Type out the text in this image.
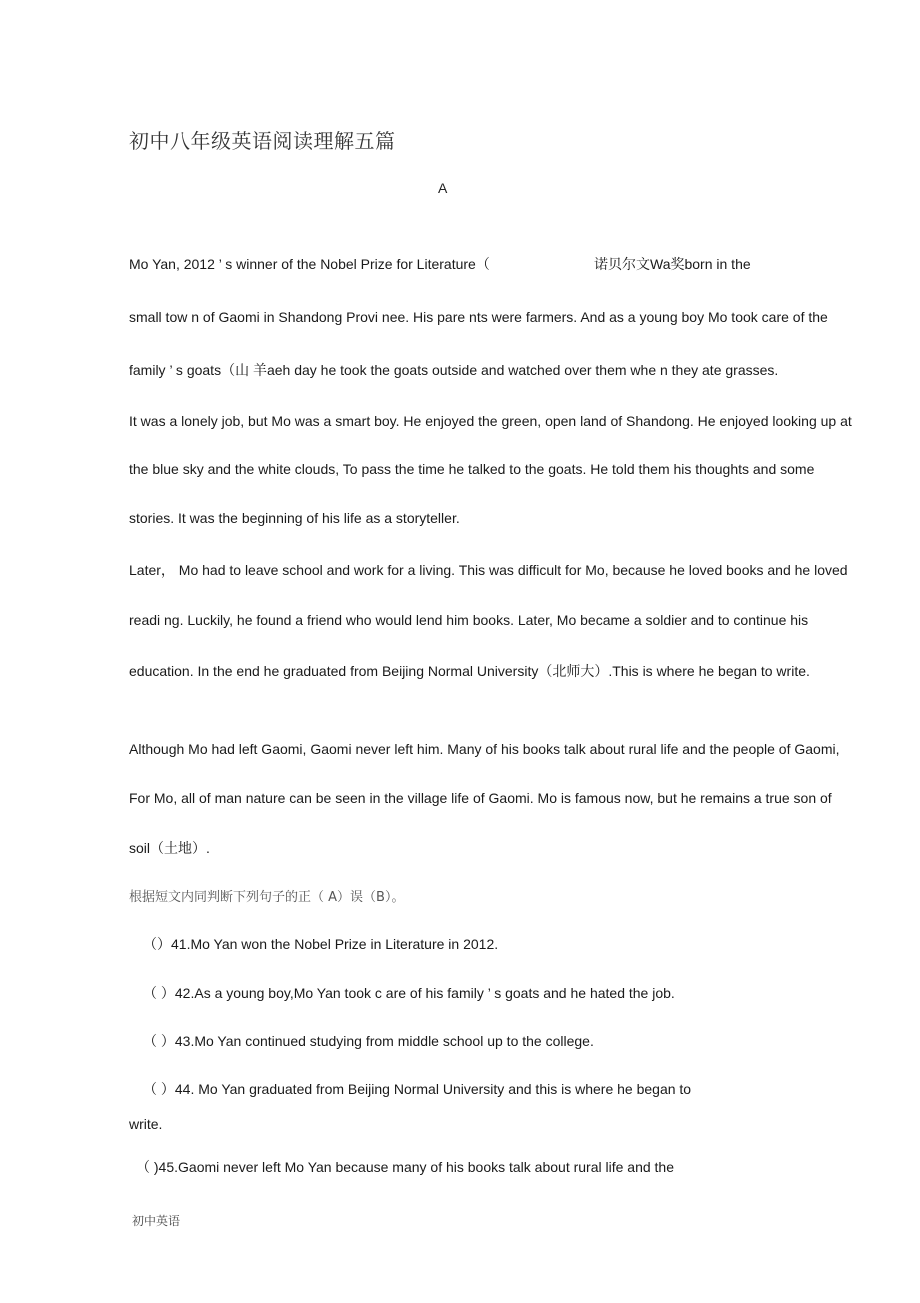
初中八年级英语阅读理解五篇
A
Mo Yan, 2012 ’ s winner of the Nobel Prize for Literature（	诺贝尔文Wa奖born in the
small tow n of Gaomi in Shandong Provi nee. His pare nts were farmers. And as a young boy Mo took care of the
family ’ s goats（山 羊aeh day he took the goats outside and watched over them whe n they ate grasses.
It was a lonely job, but Mo was a smart boy. He enjoyed the green, open land of Shandong. He enjoyed looking up at
the blue sky and the white clouds, To pass the time he talked to the goats. He told them his thoughts and some
stories. It was the beginning of his life as a storyteller.
Later， Mo had to leave school and work for a living. This was difficult for Mo, because he loved books and he loved
readi ng. Luckily, he found a friend who would lend him books. Later, Mo became a soldier and to continue his
education. In the end he graduated from Beijing Normal University（北师大）.This is where he began to write.
Although Mo had left Gaomi, Gaomi never left him. Many of his books talk about rural life and the people of Gaomi,
For Mo, all of man nature can be seen in the village life of Gaomi. Mo is famous now, but he remains a true son of
soil（土地）.
根据短文内同判断下列句子的正（ A）误（B）。
（）41.Mo Yan won the Nobel Prize in Literature in 2012.
（ ）42.As a young boy,Mo Yan took c are of his family ’ s goats and he hated the job.
（ ）43.Mo Yan continued studying from middle school up to the college.
（ ）44. Mo Yan graduated from Beijing Normal University and this is where he began to
write.
（ )45.Gaomi never left Mo Yan because many of his books talk about rural life and the
初中英语
